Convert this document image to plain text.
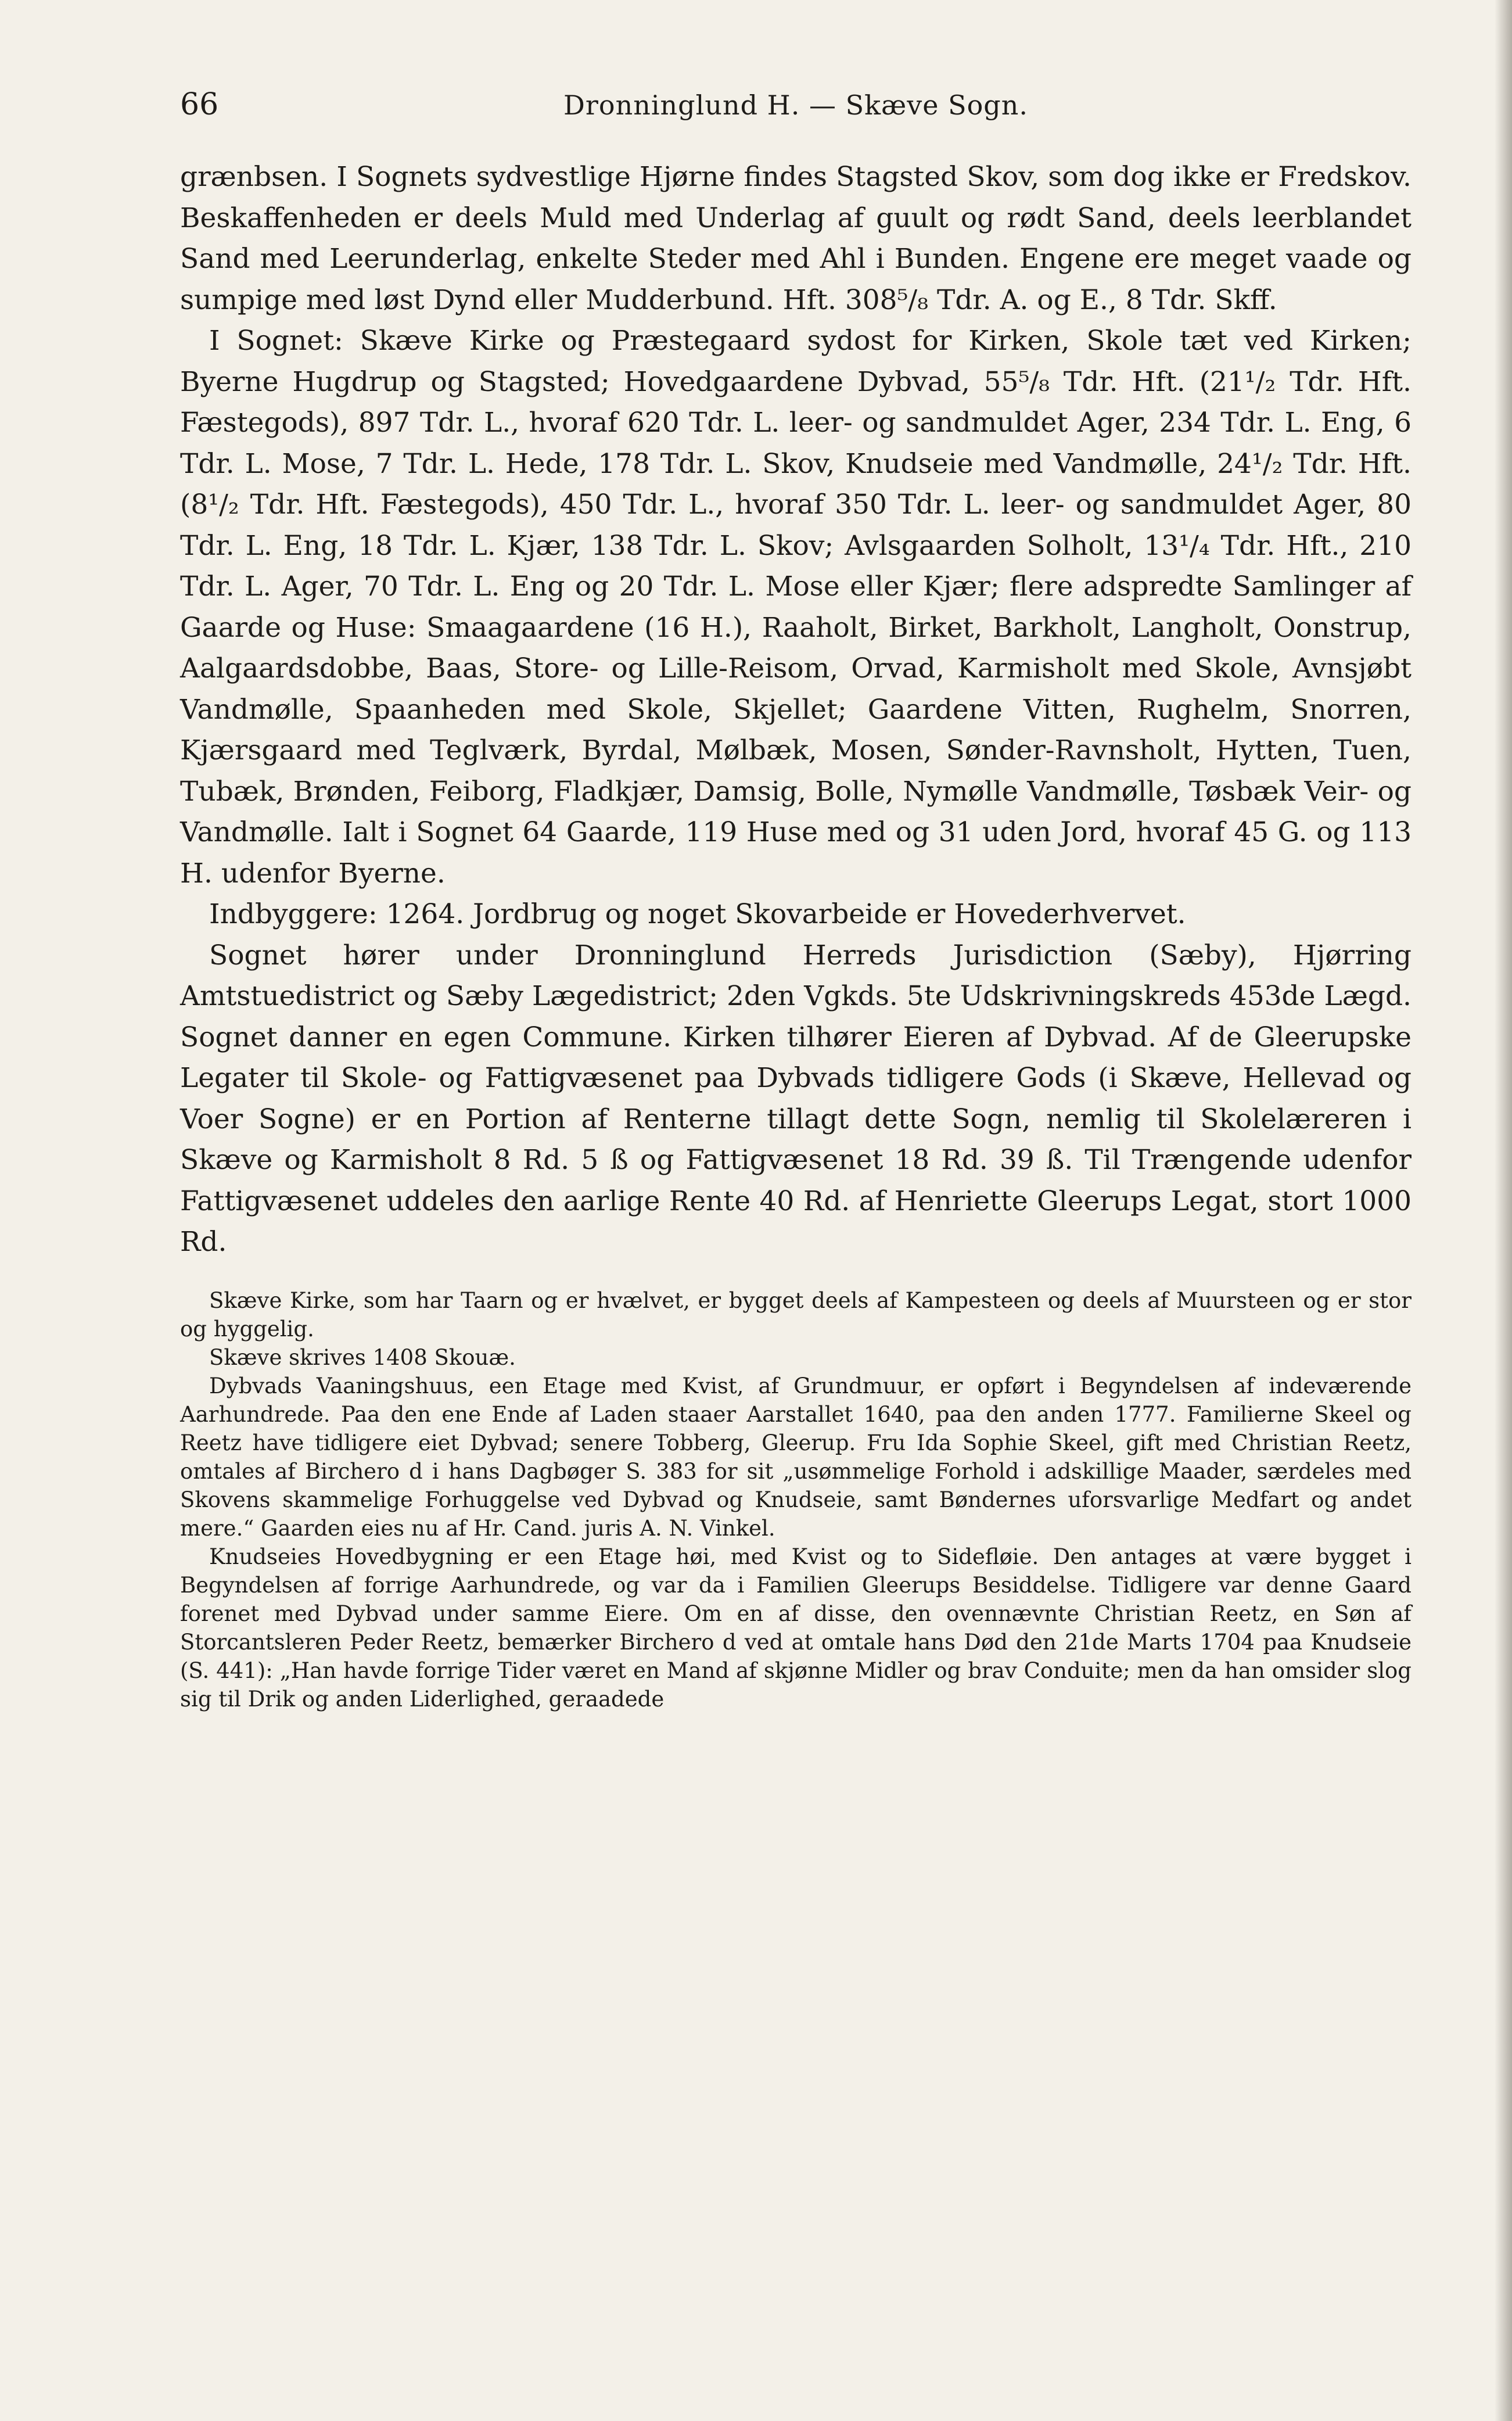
66	Dronninglund H. — Skæve Sogn.

grænbsen. I Sognets sydvestlige Hjørne findes Stagsted Skov, som dog ikke er Fredskov. Beskaffenheden er deels Muld med Underlag af guult og rødt Sand, deels leerblandet Sand med Leerunderlag, enkelte Steder med Ahl i Bunden. Engene ere meget vaade og sumpige med løst Dynd eller Mudderbund. Hft. 308⁵/₈ Tdr. A. og E., 8 Tdr. Skff.

I Sognet: Skæve Kirke og Præstegaard sydost for Kirken, Skole tæt ved Kirken; Byerne Hugdrup og Stagsted; Hovedgaardene Dybvad, 55⁵/₈ Tdr. Hft. (21¹/₂ Tdr. Hft. Fæstegods), 897 Tdr. L., hvoraf 620 Tdr. L. leer- og sandmuldet Ager, 234 Tdr. L. Eng, 6 Tdr. L. Mose, 7 Tdr. L. Hede, 178 Tdr. L. Skov, Knudseie med Vandmølle, 24¹/₂ Tdr. Hft. (8¹/₂ Tdr. Hft. Fæstegods), 450 Tdr. L., hvoraf 350 Tdr. L. leer- og sandmuldet Ager, 80 Tdr. L. Eng, 18 Tdr. L. Kjær, 138 Tdr. L. Skov; Avlsgaarden Solholt, 13¹/₄ Tdr. Hft., 210 Tdr. L. Ager, 70 Tdr. L. Eng og 20 Tdr. L. Mose eller Kjær; flere adspredte Samlinger af Gaarde og Huse: Smaagaardene (16 H.), Raaholt, Birket, Barkholt, Langholt, Oonstrup, Aalgaardsdobbe, Baas, Store- og Lille-Reisom, Orvad, Karmisholt med Skole, Avnsjøbt Vandmølle, Spaanheden med Skole, Skjellet; Gaardene Vitten, Rughelm, Snorren, Kjærsgaard med Teglværk, Byrdal, Mølbæk, Mosen, Sønder-Ravnsholt, Hytten, Tuen, Tubæk, Brønden, Feiborg, Fladkjær, Damsig, Bolle, Nymølle Vandmølle, Tøsbæk Veir- og Vandmølle. Ialt i Sognet 64 Gaarde, 119 Huse med og 31 uden Jord, hvoraf 45 G. og 113 H. udenfor Byerne.

Indbyggere: 1264. Jordbrug og noget Skovarbeide er Hovederhvervet.

Sognet hører under Dronninglund Herreds Jurisdiction (Sæby), Hjørring Amtstuedistrict og Sæby Lægedistrict; 2den Vgkds. 5te Udskrivningskreds 453de Lægd. Sognet danner en egen Commune. Kirken tilhører Eieren af Dybvad. Af de Gleerupske Legater til Skole- og Fattigvæsenet paa Dybvads tidligere Gods (i Skæve, Hellevad og Voer Sogne) er en Portion af Renterne tillagt dette Sogn, nemlig til Skolelæreren i Skæve og Karmisholt 8 Rd. 5 ß og Fattigvæsenet 18 Rd. 39 ß. Til Trængende udenfor Fattigvæsenet uddeles den aarlige Rente 40 Rd. af Henriette Gleerups Legat, stort 1000 Rd.

Skæve Kirke, som har Taarn og er hvælvet, er bygget deels af Kampesteen og deels af Muursteen og er stor og hyggelig.

Skæve skrives 1408 Skouæ.

Dybvads Vaaningshuus, een Etage med Kvist, af Grundmuur, er opført i Begyndelsen af indeværende Aarhundrede. Paa den ene Ende af Laden staaer Aarstallet 1640, paa den anden 1777. Familierne Skeel og Reetz have tidligere eiet Dybvad; senere Tobberg, Gleerup. Fru Ida Sophie Skeel, gift med Christian Reetz, omtales af Birchero d i hans Dagbøger S. 383 for sit „usømmelige Forhold i adskillige Maader, særdeles med Skovens skammelige Forhuggelse ved Dybvad og Knudseie, samt Bøndernes uforsvarlige Medfart og andet mere.“ Gaarden eies nu af Hr. Cand. juris A. N. Vinkel.

Knudseies Hovedbygning er een Etage høi, med Kvist og to Sidefløie. Den antages at være bygget i Begyndelsen af forrige Aarhundrede, og var da i Familien Gleerups Besiddelse. Tidligere var denne Gaard forenet med Dybvad under samme Eiere. Om en af disse, den ovennævnte Christian Reetz, en Søn af Storcantsleren Peder Reetz, bemærker Birchero d ved at omtale hans Død den 21de Marts 1704 paa Knudseie (S. 441): „Han havde forrige Tider været en Mand af skjønne Midler og brav Conduite; men da han omsider slog sig til Drik og anden Liderlighed, geraadede
